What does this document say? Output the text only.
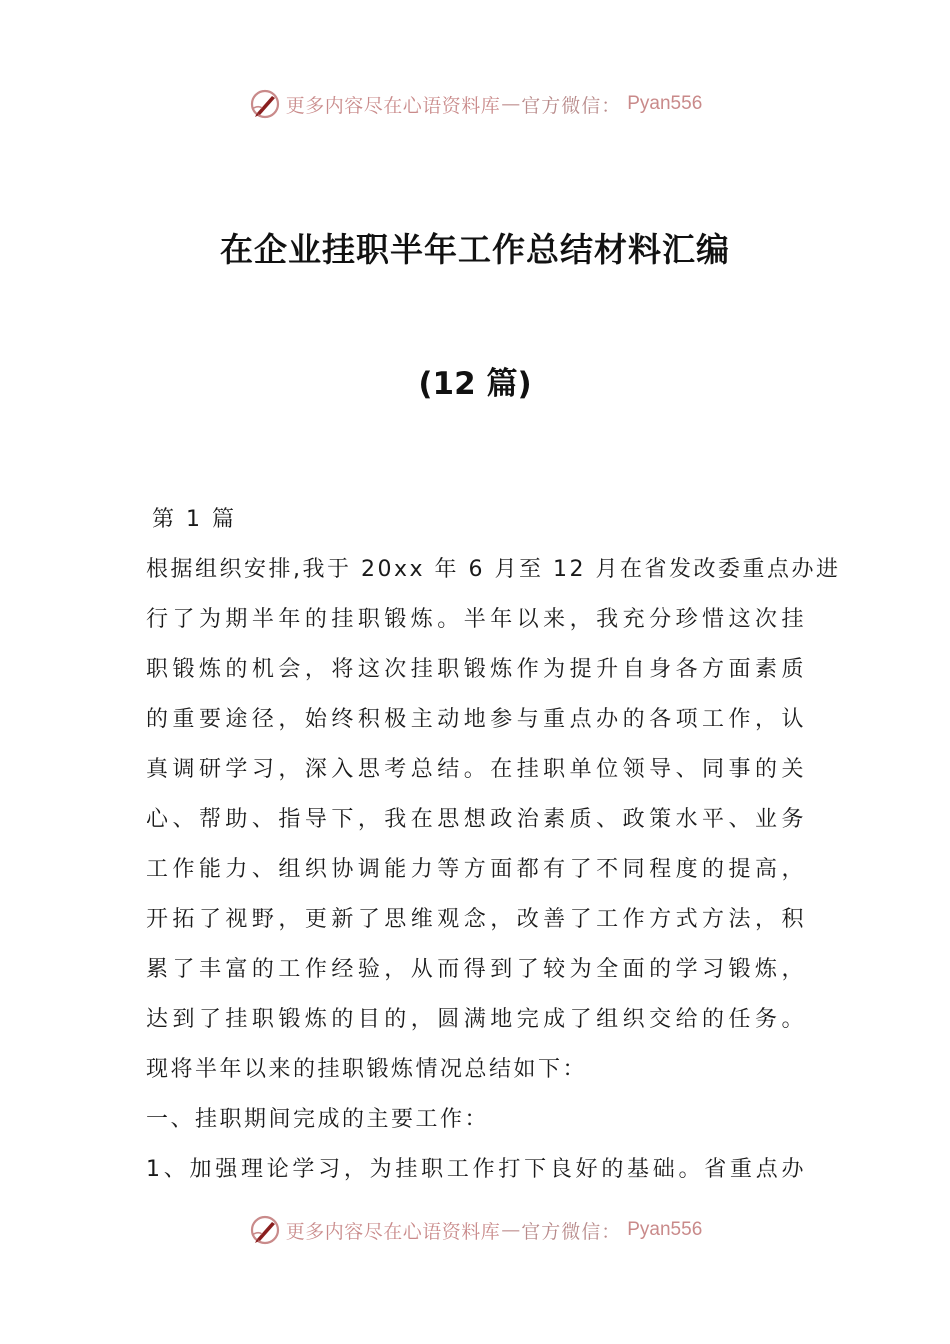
更多内容尽在心语资料库 — 官方微信： Pyan556
在企业挂职半年工作总结材料汇编
(12 篇)
第 1 篇
根据组织安排,我于 20xx 年 6 月至 12 月在省发改委重点办进
行了为期半年的挂职锻炼。半年以来，我充分珍惜这次挂
职锻炼的机会，将这次挂职锻炼作为提升自身各方面素质
的重要途径，始终积极主动地参与重点办的各项工作，认
真调研学习，深入思考总结。在挂职单位领导、同事的关
心、帮助、指导下，我在思想政治素质、政策水平、业务
工作能力、组织协调能力等方面都有了不同程度的提高，
开拓了视野，更新了思维观念，改善了工作方式方法，积
累了丰富的工作经验，从而得到了较为全面的学习锻炼，
达到了挂职锻炼的目的，圆满地完成了组织交给的任务。
现将半年以来的挂职锻炼情况总结如下：
一、挂职期间完成的主要工作：
1、加强理论学习，为挂职工作打下良好的基础。省重点办
更多内容尽在心语资料库 — 官方微信： Pyan556
